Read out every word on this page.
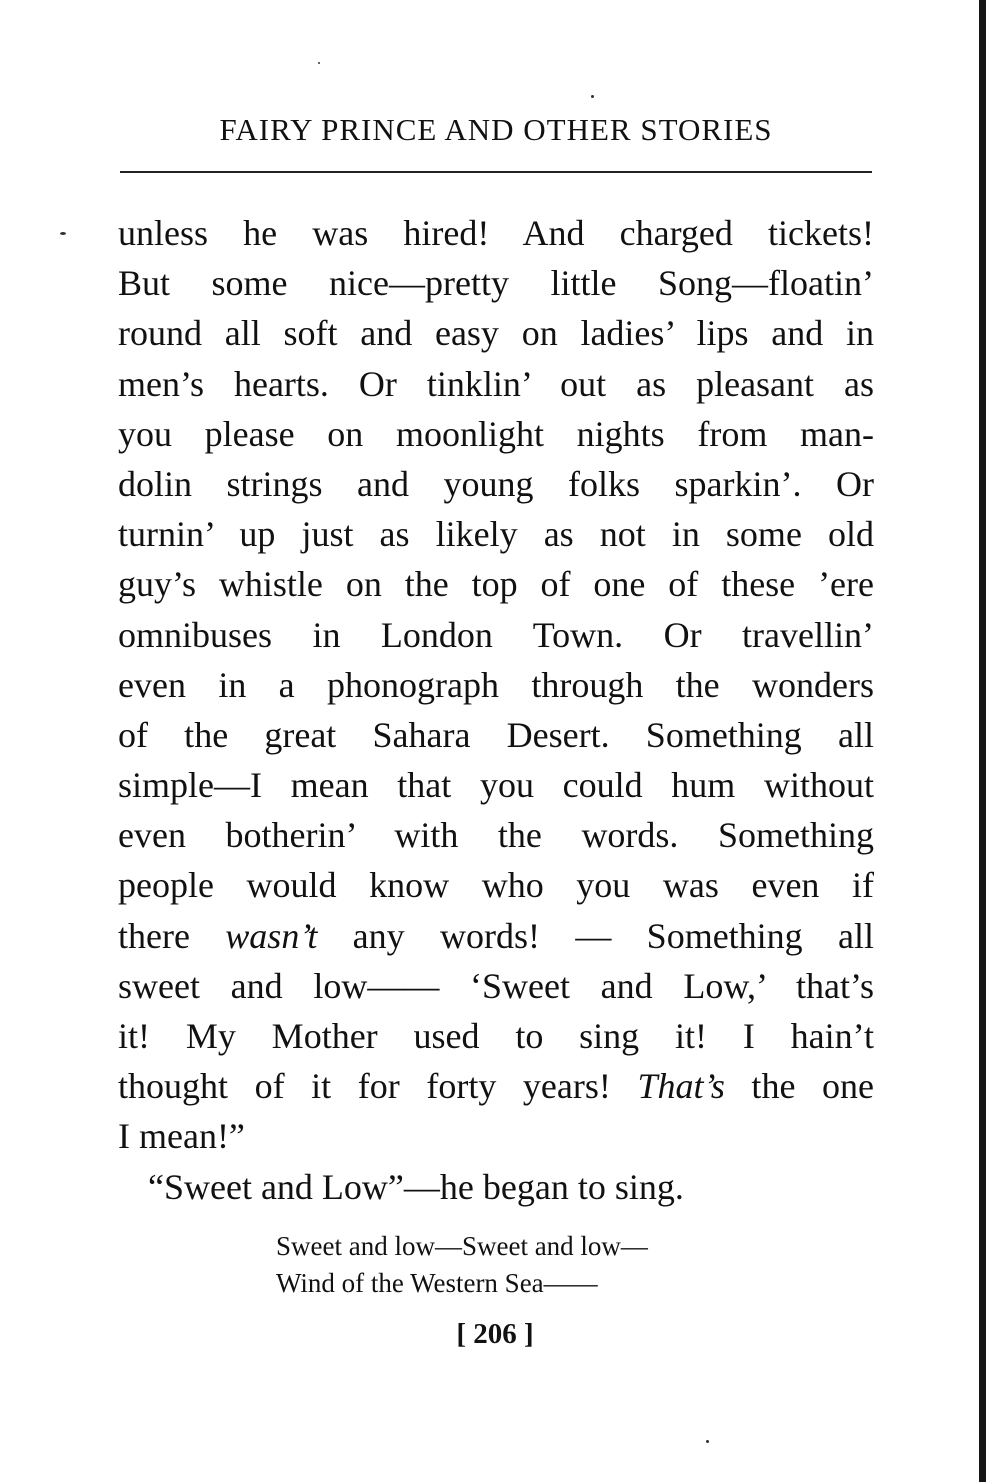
FAIRY PRINCE AND OTHER STORIES
unless he was hired! And charged tickets!
But some nice—pretty little Song—floatin’
round all soft and easy on ladies’ lips and in
men’s hearts. Or tinklin’ out as pleasant as
you please on moonlight nights from man-
dolin strings and young folks sparkin’. Or
turnin’ up just as likely as not in some old
guy’s whistle on the top of one of these ’ere
omnibuses in London Town. Or travellin’
even in a phonograph through the wonders
of the great Sahara Desert. Something all
simple—I mean that you could hum without
even botherin’ with the words. Something
people would know who you was even if
there wasn’t any words! — Something all
sweet and low—— ‘Sweet and Low,’ that’s
it! My Mother used to sing it! I hain’t
thought of it for forty years! That’s the one
I mean!”
“Sweet and Low”—he began to sing.
Sweet and low—Sweet and low—
Wind of the Western Sea——
[ 206 ]
